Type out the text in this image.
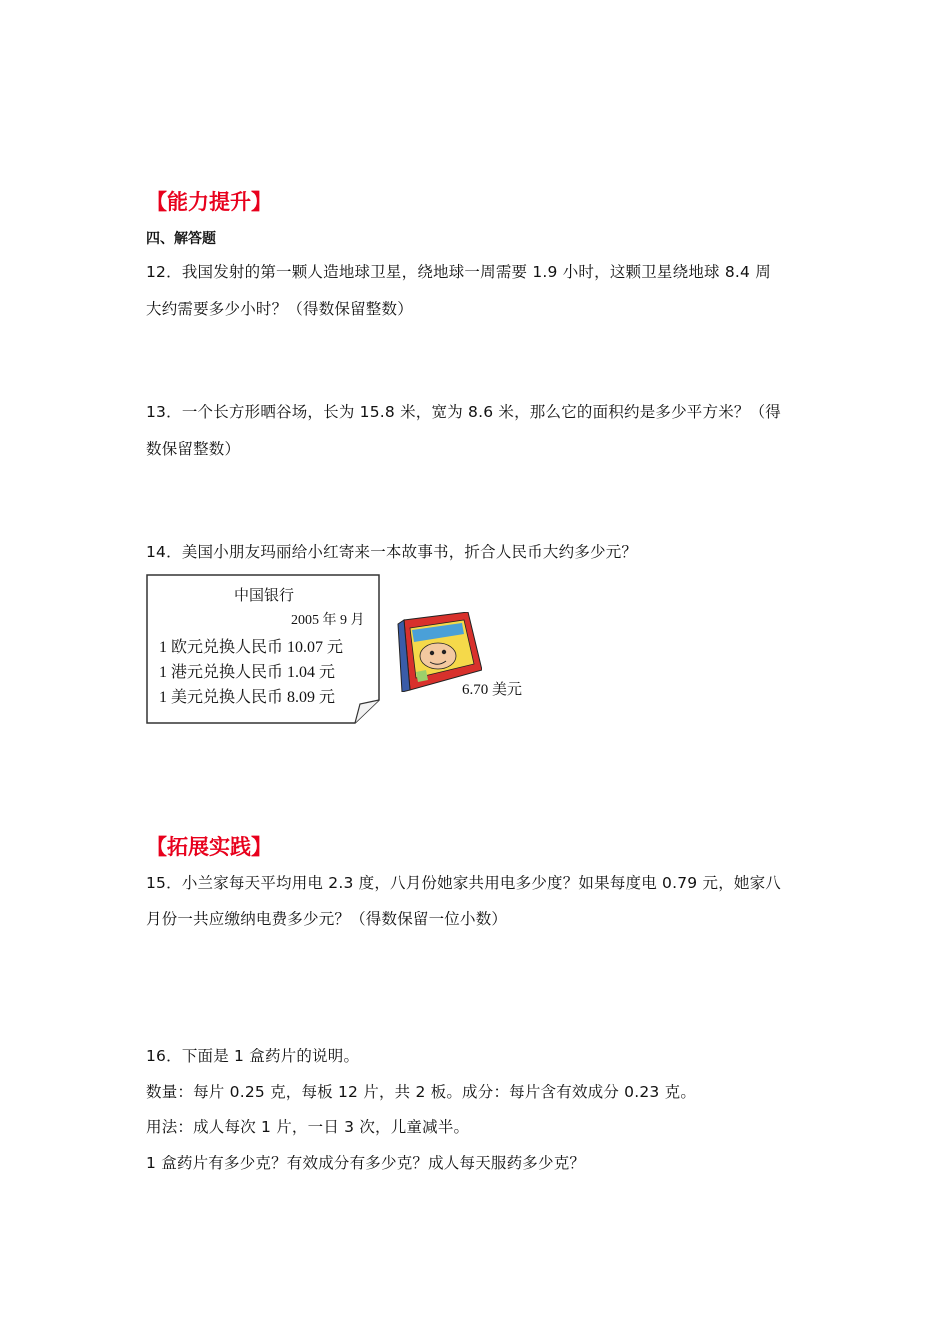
【能力提升】
四、解答题
12．我国发射的第一颗人造地球卫星，绕地球一周需要 1.9 小时，这颗卫星绕地球 8.4 周
大约需要多少小时？（得数保留整数）
13．一个长方形晒谷场，长为 15.8 米，宽为 8.6 米，那么它的面积约是多少平方米？（得
数保留整数）
14．美国小朋友玛丽给小红寄来一本故事书，折合人民币大约多少元？
中国银行
2005 年 9 月
1 欧元兑换人民币 10.07 元
1 港元兑换人民币 1.04 元
1 美元兑换人民币 8.09 元	6.70 美元
【拓展实践】
15．小兰家每天平均用电 2.3 度，八月份她家共用电多少度？如果每度电 0.79 元，她家八
月份一共应缴纳电费多少元？（得数保留一位小数）
16．下面是 1 盒药片的说明。
数量：每片 0.25 克，每板 12 片，共 2 板。成分：每片含有效成分 0.23 克。
用法：成人每次 1 片，一日 3 次，儿童减半。
1 盒药片有多少克？有效成分有多少克？成人每天服药多少克？
